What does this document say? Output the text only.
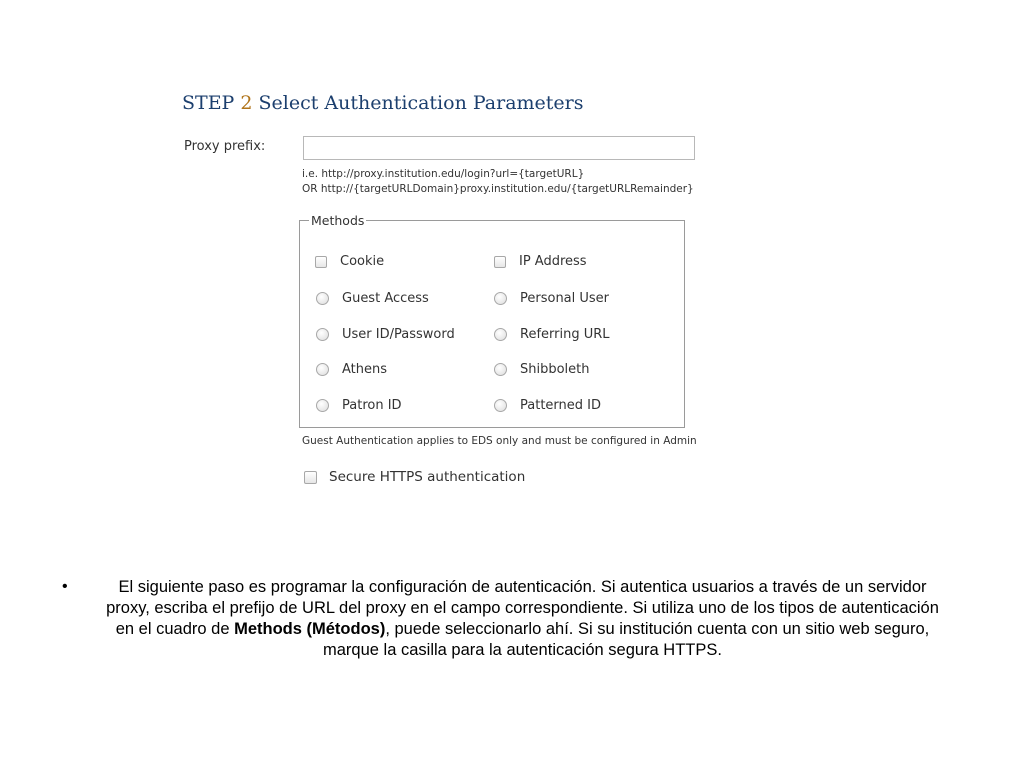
STEP 2 Select Authentication Parameters
Proxy prefix:
i.e. http://proxy.institution.edu/login?url={targetURL}
OR http://{targetURLDomain}proxy.institution.edu/{targetURLRemainder}
Methods
Cookie
Guest Access
User ID/Password
Athens
Patron ID
IP Address
Personal User
Referring URL
Shibboleth
Patterned ID
Guest Authentication applies to EDS only and must be configured in Admin
Secure HTTPS authentication
•	El siguiente paso es programar la configuración de autenticación. Si autentica usuarios a través de un servidor proxy, escriba el prefijo de URL del proxy en el campo correspondiente. Si utiliza uno de los tipos de autenticación en el cuadro de Methods (Métodos), puede seleccionarlo ahí. Si su institución cuenta con un sitio web seguro, marque la casilla para la autenticación segura HTTPS.
